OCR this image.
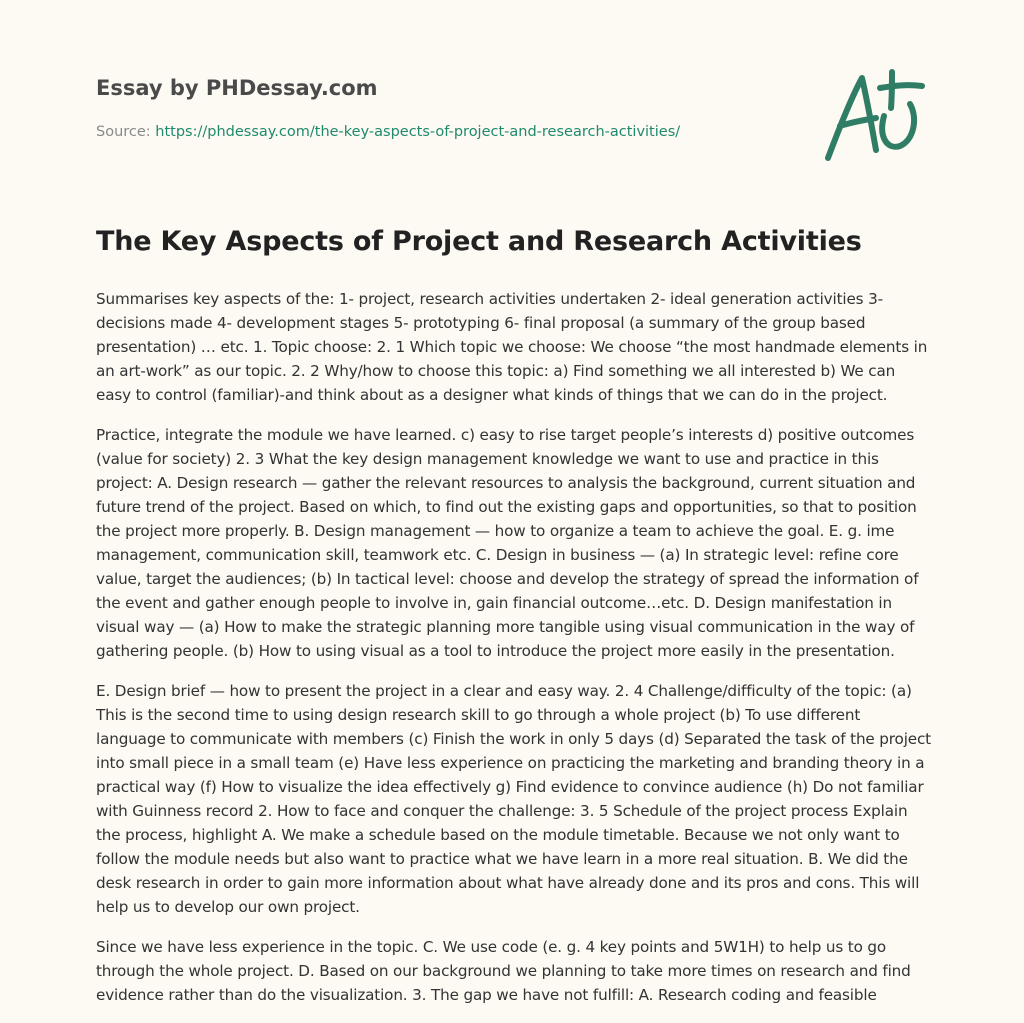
Essay by PHDessay.com
Source: https://phdessay.com/the-key-aspects-of-project-and-research-activities/
The Key Aspects of Project and Research Activities

Summarises key aspects of the: 1- project, research activities undertaken 2- ideal generation activities 3- decisions made 4- development stages 5- prototyping 6- final proposal (a summary of the group based presentation) … etc. 1. Topic choose: 2. 1 Which topic we choose: We choose “the most handmade elements in an art-work” as our topic. 2. 2 Why/how to choose this topic: a) Find something we all interested b) We can easy to control (familiar)-and think about as a designer what kinds of things that we can do in the project.

Practice, integrate the module we have learned. c) easy to rise target people’s interests d) positive outcomes (value for society) 2. 3 What the key design management knowledge we want to use and practice in this project: A. Design research — gather the relevant resources to analysis the background, current situation and future trend of the project. Based on which, to find out the existing gaps and opportunities, so that to position the project more properly. B. Design management — how to organize a team to achieve the goal. E. g. ime management, communication skill, teamwork etc. C. Design in business — (a) In strategic level: refine core value, target the audiences; (b) In tactical level: choose and develop the strategy of spread the information of the event and gather enough people to involve in, gain financial outcome…etc. D. Design manifestation in visual way — (a) How to make the strategic planning more tangible using visual communication in the way of gathering people. (b) How to using visual as a tool to introduce the project more easily in the presentation.

E. Design brief — how to present the project in a clear and easy way. 2. 4 Challenge/difficulty of the topic: (a) This is the second time to using design research skill to go through a whole project (b) To use different language to communicate with members (c) Finish the work in only 5 days (d) Separated the task of the project into small piece in a small team (e) Have less experience on practicing the marketing and branding theory in a practical way (f) How to visualize the idea effectively g) Find evidence to convince audience (h) Do not familiar with Guinness record 2. How to face and conquer the challenge: 3. 5 Schedule of the project process Explain the process, highlight A. We make a schedule based on the module timetable. Because we not only want to follow the module needs but also want to practice what we have learn in a more real situation. B. We did the desk research in order to gain more information about what have already done and its pros and cons. This will help us to develop our own project.

Since we have less experience in the topic. C. We use code (e. g. 4 key points and 5W1H) to help us to go through the whole project. D. Based on our background we planning to take more times on research and find evidence rather than do the visualization. 3. The gap we have not fulfill: A. Research coding and feasible
